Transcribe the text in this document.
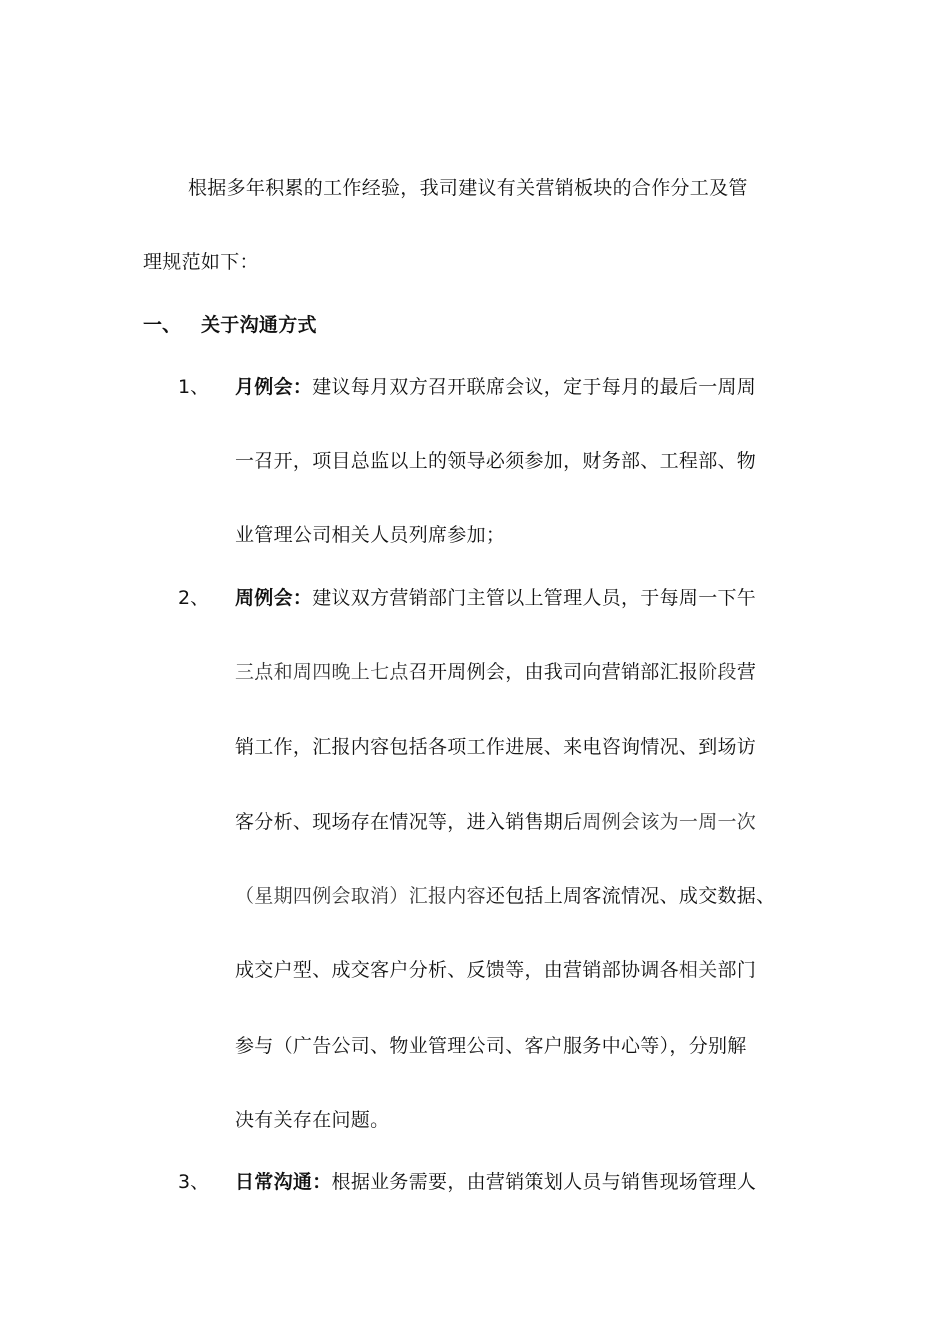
根据多年积累的工作经验，我司建议有关营销板块的合作分工及管
理规范如下：
一、 关于沟通方式
1、 月例会：建议每月双方召开联席会议，定于每月的最后一周周
一召开，项目总监以上的领导必须参加，财务部、工程部、物
业管理公司相关人员列席参加；
2、 周例会：建议双方营销部门主管以上管理人员，于每周一下午
三点和周四晚上七点召开周例会，由我司向营销部汇报阶段营
销工作，汇报内容包括各项工作进展、来电咨询情况、到场访
客分析、现场存在情况等，进入销售期后周例会该为一周一次
（星期四例会取消）汇报内容还包括上周客流情况、成交数据、
成交户型、成交客户分析、反馈等，由营销部协调各相关部门
参与（广告公司、物业管理公司、客户服务中心等），分别解
决有关存在问题。
3、 日常沟通：根据业务需要，由营销策划人员与销售现场管理人
